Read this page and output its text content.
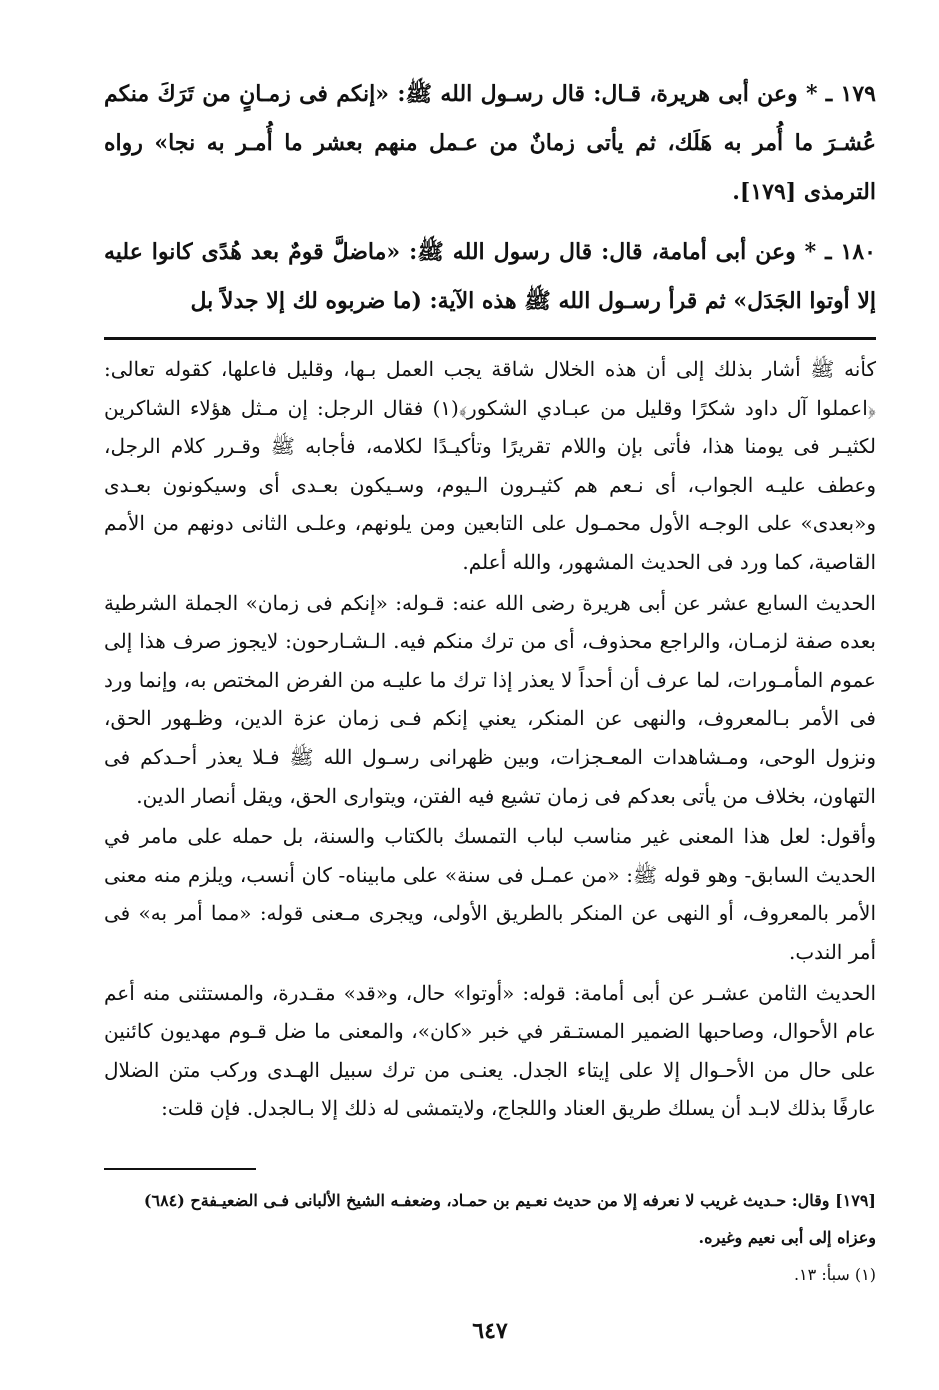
١٧٩ ـ * وعن أبى هريرة، قـال: قال رسـول الله ﷺ: «إنكم فى زمـانٍ من تَرَكَ منكم عُشـرَ ما أُمر به هَلَك، ثم يأتى زمانٌ من عـمل منهم بعشر ما أُمـر به نجا» رواه الترمذى [١٧٩].

١٨٠ ـ * وعن أبى أمامة، قال: قال رسول الله ﷺ: «ماضلَّ قومٌ بعد هُدًى كانوا عليه إلا أوتوا الجَدَل» ثم قرأ رسـول الله ﷺ هذه الآية: (ما ضربوه لك إلا جدلاً بل

كأنه ﷺ أشار بذلك إلى أن هذه الخلال شاقة يجب العمل بـها، وقليل فاعلها، كقوله تعالى: ﴿اعملوا آل داود شكرًا وقليل من عبـادي الشكور﴾(١) فقال الرجل: إن مـثل هؤلاء الشاكرين لكثيـر فى يومنا هذا، فأتى بإن واللام تقريرًا وتأكيـدًا لكلامه، فأجابه ﷺ وقـرر كلام الرجل، وعطف عليـه الجواب، أى نـعم هم كثيـرون الـيوم، وسـيكون بعـدى أى وسيكونون بعـدى و«بعدى» على الوجـه الأول محمـول على التابعين ومن يلونهم، وعلـى الثانى دونهم من الأمم القاصية، كما ورد فى الحديث المشهور، والله أعلم.

الحديث السابع عشر عن أبى هريرة رضى الله عنه: قـوله: «إنكم فى زمان» الجملة الشرطية بعده صفة لزمـان، والراجع محذوف، أى من ترك منكم فيه. الـشـارحون: لايجوز صرف هذا إلى عموم المأمـورات، لما عرف أن أحداً لا يعذر إذا ترك ما عليـه من الفرض المختص به، وإنما ورد فى الأمر بـالمعروف، والنهى عن المنكر، يعني إنكم فـى زمان عزة الدين، وظـهور الحق، ونزول الوحى، ومـشاهدات المعـجزات، وبين ظهرانى رسـول الله ﷺ فـلا يعذر أحـدكم فى التهاون، بخلاف من يأتى بعدكم فى زمان تشيع فيه الفتن، ويتوارى الحق، ويقل أنصار الدين.

وأقول: لعل هذا المعنى غير مناسب لباب التمسك بالكتاب والسنة، بل حمله على مامر في الحديث السابق- وهو قوله ﷺ: «من عمـل فى سنة» على مابيناه- كان أنسب، ويلزم منه معنى الأمر بالمعروف، أو النهى عن المنكر بالطريق الأولى، ويجرى مـعنى قوله: «مما أمر به» فى أمر الندب.

الحديث الثامن عشـر عن أبى أمامة: قوله: «أوتوا» حال، و«قد» مقـدرة، والمستثنى منه أعم عام الأحوال، وصاحبها الضمير المستـقر في خبر «كان»، والمعنى ما ضل قـوم مهديون كائنين على حال من الأحـوال إلا على إيتاء الجدل. يعنـى من ترك سبيل الهـدى وركب متن الضلال عارفًا بذلك لابـد أن يسلك طريق العناد واللجاج، ولايتمشى له ذلك إلا بـالجدل. فإن قلت:

[١٧٩] وقال: حـديث غريب لا نعرفه إلا من حديث نعـيم بن حمـاد، وضعفـه الشيخ الألبانى فـى الضعيـفةح (٦٨٤) وعزاه إلى أبى نعيم وغيره.

(١) سبأ: ١٣.

٦٤٧
